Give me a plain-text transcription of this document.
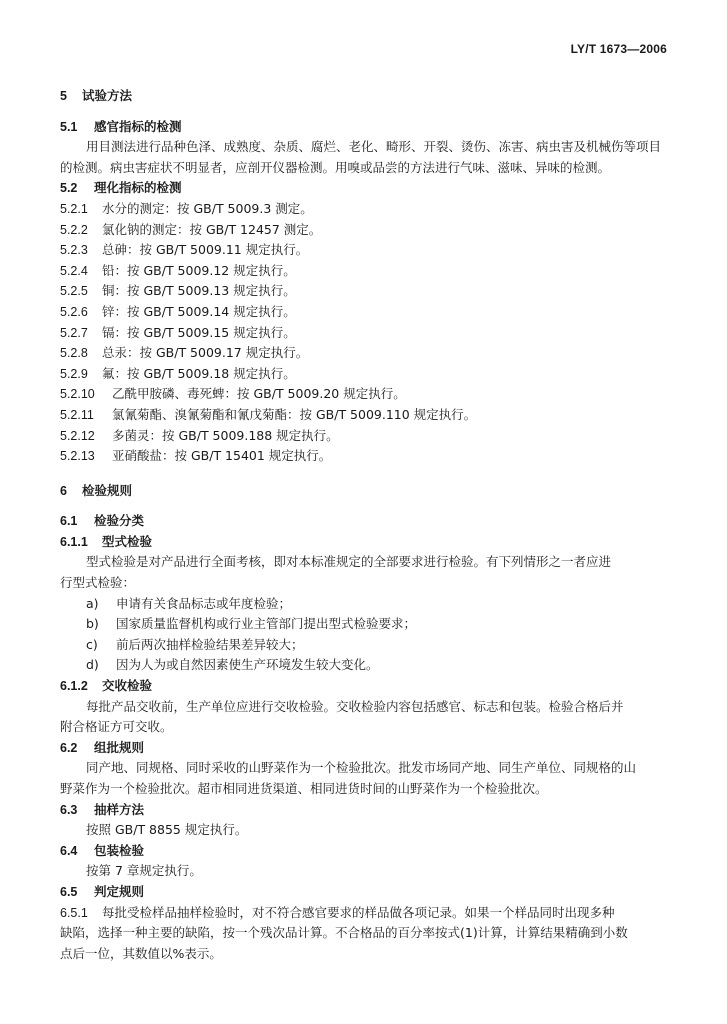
LY/T 1673—2006
5 试验方法
5.1 感官指标的检测
用目测法进行品种色泽、成熟度、杂质、腐烂、老化、畸形、开裂、烫伤、冻害、病虫害及机械伤等项目
的检测。病虫害症状不明显者，应剖开仪器检测。用嗅或品尝的方法进行气味、滋味、异味的检测。
5.2 理化指标的检测
5.2.1 水分的测定：按 GB/T 5009.3 测定。
5.2.2 氯化钠的测定：按 GB/T 12457 测定。
5.2.3 总砷：按 GB/T 5009.11 规定执行。
5.2.4 铅：按 GB/T 5009.12 规定执行。
5.2.5 铜：按 GB/T 5009.13 规定执行。
5.2.6 锌：按 GB/T 5009.14 规定执行。
5.2.7 镉：按 GB/T 5009.15 规定执行。
5.2.8 总汞：按 GB/T 5009.17 规定执行。
5.2.9 氟：按 GB/T 5009.18 规定执行。
5.2.10 乙酰甲胺磷、毒死蜱：按 GB/T 5009.20 规定执行。
5.2.11 氯氰菊酯、溴氰菊酯和氰戊菊酯：按 GB/T 5009.110 规定执行。
5.2.12 多菌灵：按 GB/T 5009.188 规定执行。
5.2.13 亚硝酸盐：按 GB/T 15401 规定执行。
6 检验规则
6.1 检验分类
6.1.1 型式检验
型式检验是对产品进行全面考核，即对本标准规定的全部要求进行检验。有下列情形之一者应进
行型式检验：
a) 申请有关食品标志或年度检验；
b) 国家质量监督机构或行业主管部门提出型式检验要求；
c) 前后两次抽样检验结果差异较大；
d) 因为人为或自然因素使生产环境发生较大变化。
6.1.2 交收检验
每批产品交收前，生产单位应进行交收检验。交收检验内容包括感官、标志和包装。检验合格后并
附合格证方可交收。
6.2 组批规则
同产地、同规格、同时采收的山野菜作为一个检验批次。批发市场同产地、同生产单位、同规格的山
野菜作为一个检验批次。超市相同进货渠道、相同进货时间的山野菜作为一个检验批次。
6.3 抽样方法
按照 GB/T 8855 规定执行。
6.4 包装检验
按第 7 章规定执行。
6.5 判定规则
6.5.1 每批受检样品抽样检验时，对不符合感官要求的样品做各项记录。如果一个样品同时出现多种
缺陷，选择一种主要的缺陷，按一个残次品计算。不合格品的百分率按式(1)计算，计算结果精确到小数
点后一位，其数值以%表示。
